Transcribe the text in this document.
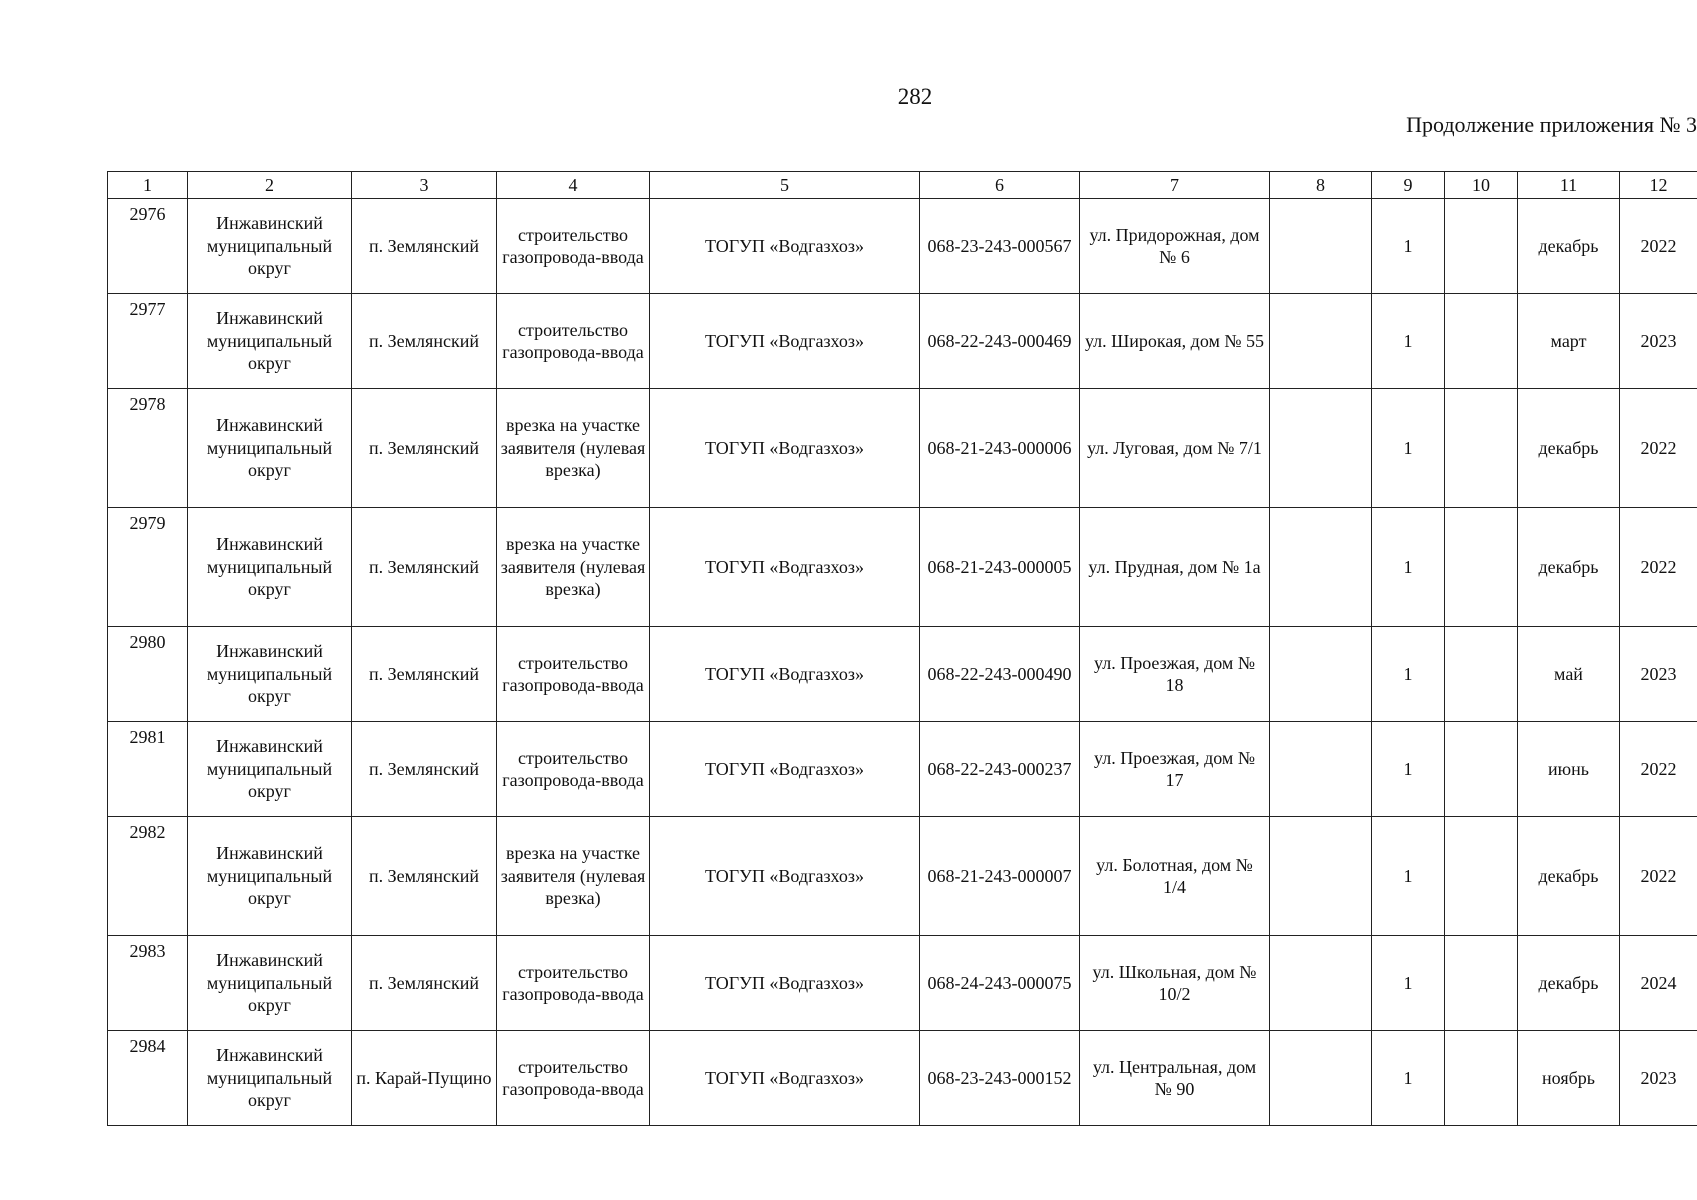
282
Продолжение приложения № 3
1	2	3	4	5	6	7	8	9	10	11	12

2976	Инжавинский муниципальный округ	п. Землянский	строительство газопровода-ввода	ТОГУП «Водгазхоз»	068-23-243-000567	ул. Придорожная, дом № 6		1		декабрь	2022

2977	Инжавинский муниципальный округ	п. Землянский	строительство газопровода-ввода	ТОГУП «Водгазхоз»	068-22-243-000469	ул. Широкая, дом № 55		1		март	2023

2978	Инжавинский муниципальный округ	п. Землянский	врезка на участке заявителя (нулевая врезка)	ТОГУП «Водгазхоз»	068-21-243-000006	ул. Луговая, дом № 7/1		1		декабрь	2022

2979	Инжавинский муниципальный округ	п. Землянский	врезка на участке заявителя (нулевая врезка)	ТОГУП «Водгазхоз»	068-21-243-000005	ул. Прудная, дом № 1а		1		декабрь	2022

2980	Инжавинский муниципальный округ	п. Землянский	строительство газопровода-ввода	ТОГУП «Водгазхоз»	068-22-243-000490	ул. Проезжая, дом № 18		1		май	2023

2981	Инжавинский муниципальный округ	п. Землянский	строительство газопровода-ввода	ТОГУП «Водгазхоз»	068-22-243-000237	ул. Проезжая, дом № 17		1		июнь	2022

2982	Инжавинский муниципальный округ	п. Землянский	врезка на участке заявителя (нулевая врезка)	ТОГУП «Водгазхоз»	068-21-243-000007	ул. Болотная, дом № 1/4		1		декабрь	2022

2983	Инжавинский муниципальный округ	п. Землянский	строительство газопровода-ввода	ТОГУП «Водгазхоз»	068-24-243-000075	ул. Школьная, дом № 10/2		1		декабрь	2024

2984	Инжавинский муниципальный округ	п. Карай-Пущино	строительство газопровода-ввода	ТОГУП «Водгазхоз»	068-23-243-000152	ул. Центральная, дом № 90		1		ноябрь	2023
